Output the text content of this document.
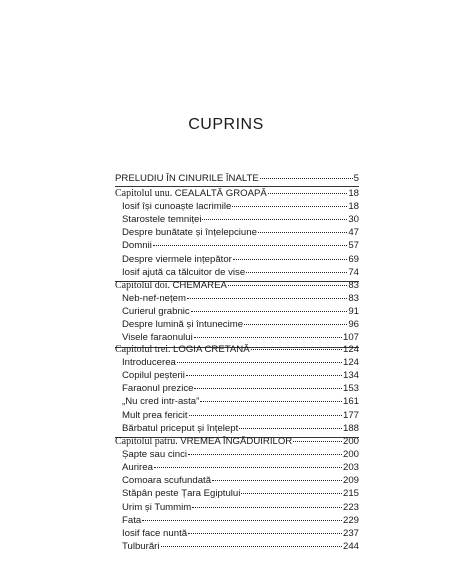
CUPRINS
PRELUDIU ÎN CINURILE ÎNALTE	5
Capitolul unu. CEALALTĂ GROAPĂ	18
Iosif își cunoaște lacrimile	18
Starostele temniței	30
Despre bunătate și înțelepciune	47
Domnii	57
Despre viermele ințepător	69
Iosif ajută ca tălcuitor de vise	74
Capitolul doi. CHEMAREA	83
Neb-nef-nețem	83
Curierul grabnic	91
Despre lumină și întunecime	96
Visele faraonului	107
Capitolul trei. LOGIA CRETANĂ	124
Introducerea	124
Copilul peșterii	134
Faraonul prezice	153
„Nu cred intr-asta”	161
Mult prea fericit	177
Bărbatul priceput și înțelept	188
Capitolul patru. VREMEA ÎNGĂDUIRILOR	200
Șapte sau cinci	200
Aurirea	203
Comoara scufundată	209
Stăpân peste Țara Egiptului	215
Urim și Tummim	223
Fata	229
Iosif face nuntă	237
Tulburări	244
